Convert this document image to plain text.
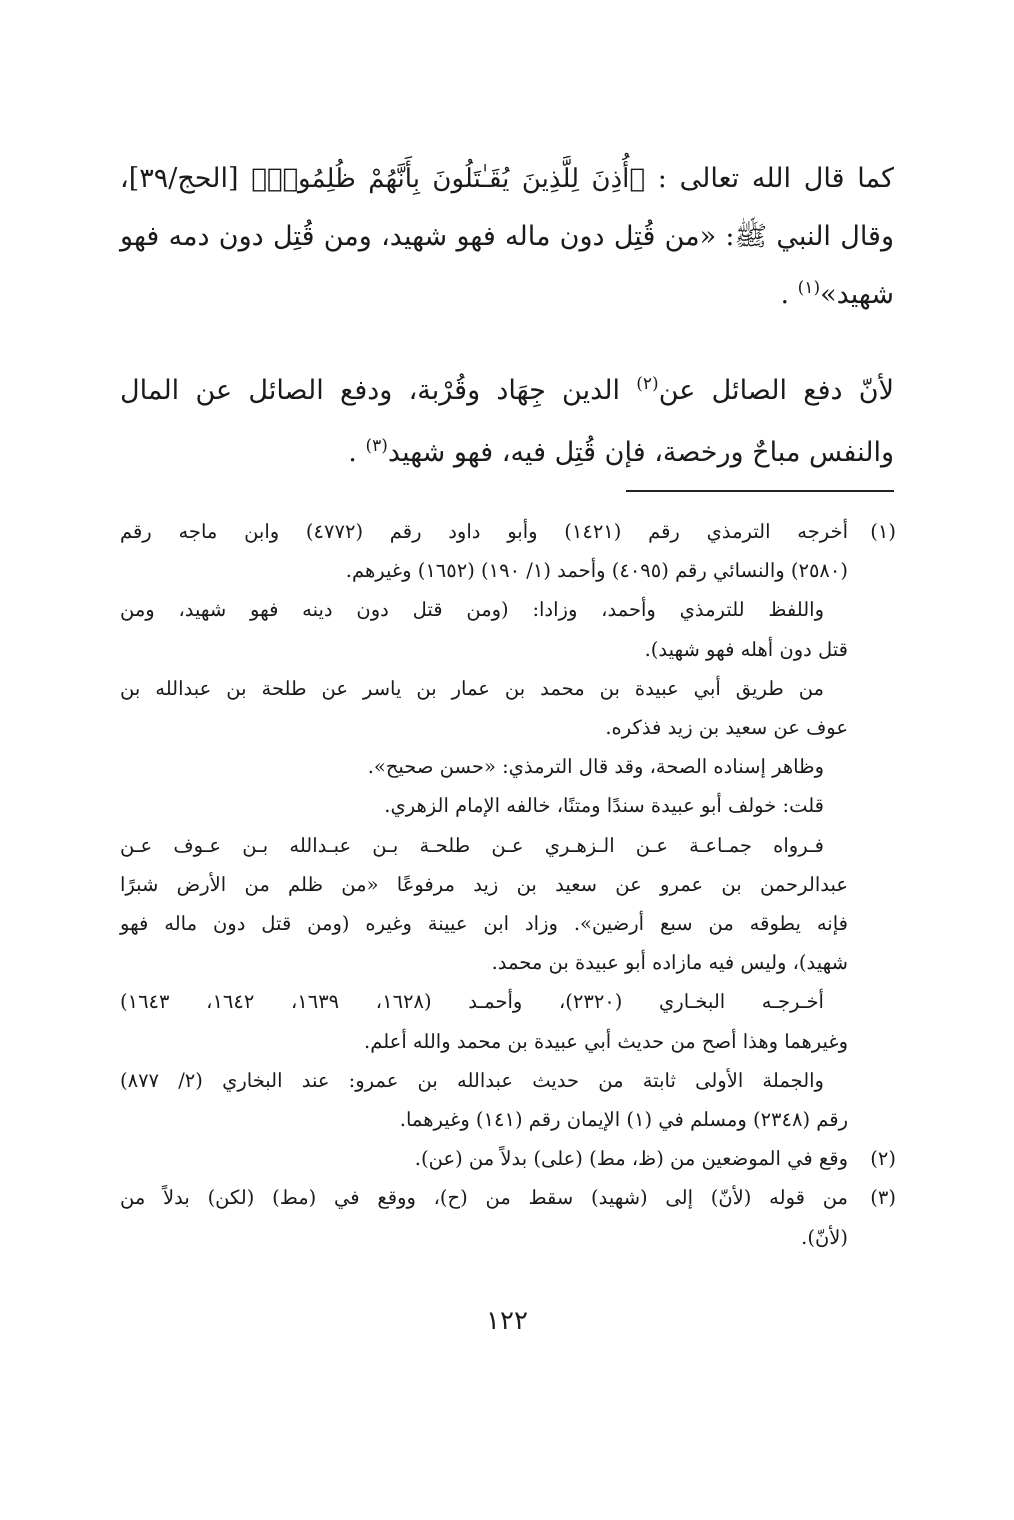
كما قال الله تعالى : ﴿أُذِنَ لِلَّذِينَ يُقَـٰتَلُونَ بِأَنَّهُمْ ظُلِمُوا۟﴾ [الحج/٣٩]، وقال النبي ﷺ: «من قُتِل دون ماله فهو شهيد، ومن قُتِل دون دمه فهو شهيد»$^{(١)}$ .
لأنّ دفع الصائل عن$^{(٢)}$ الدين جِهَاد وقُرْبة، ودفع الصائل عن المال والنفس مباحٌ ورخصة، فإن قُتِل فيه، فهو شهيد$^{(٣)}$ .
(١)
أخرجه الترمذي رقم (١٤٢١) وأبو داود رقم (٤٧٧٢) وابن ماجه رقم
(٢٥٨٠) والنسائي رقم (٤٠٩٥) وأحمد (١/ ١٩٠) (١٦٥٢) وغيرهم.
واللفظ للترمذي وأحمد، وزادا: (ومن قتل دون دينه فهو شهيد، ومن
قتل دون أهله فهو شهيد).
من طريق أبي عبيدة بن محمد بن عمار بن ياسر عن طلحة بن عبدالله بن
عوف عن سعيد بن زيد فذكره.
وظاهر إسناده الصحة، وقد قال الترمذي: «حسن صحيح».
قلت: خولف أبو عبيدة سندًا ومتنًا، خالفه الإمام الزهري.
فـرواه جمـاعـة عـن الـزهـري عـن طلحـة بـن عبـدالله بـن عـوف عـن
عبدالرحمن بن عمرو عن سعيد بن زيد مرفوعًا «من ظلم من الأرض شبرًا
فإنه يطوقه من سبع أرضين». وزاد ابن عيينة وغيره (ومن قتل دون ماله فهو
شهيد)، وليس فيه مازاده أبو عبيدة بن محمد.
أخـرجـه البخـاري (٢٣٢٠)، وأحمـد (١٦٢٨، ١٦٣٩، ١٦٤٢، ١٦٤٣)
وغيرهما وهذا أصح من حديث أبي عبيدة بن محمد والله أعلم.
والجملة الأولى ثابتة من حديث عبدالله بن عمرو: عند البخاري (٢/ ٨٧٧)
رقم (٢٣٤٨) ومسلم في (١) الإيمان رقم (١٤١) وغيرهما.
(٢)
وقع في الموضعين من (ظ، مط) (على) بدلاً من (عن).
(٣)
من قوله (لأنّ) إلى (شهيد) سقط من (ح)، ووقع في (مط) (لكن) بدلاً من
(لأنّ).
١٢٢
